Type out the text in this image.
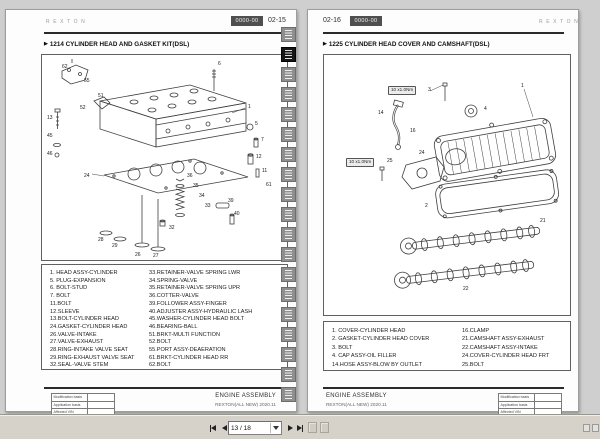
REXTON	0000-00	02-15
▶ 1214 CYLINDER HEAD AND GASKET KIT(DSL)
62
55
6
51
52	1
5
7
13
45
46
24
12
11
61
36
35
34
33
39
40
32
28
29
26 27
1. HEAD ASSY-CYLINDER
5. PLUG-EXPANSION
6. BOLT-STUD
7. BOLT
11.BOLT
12.SLEEVE
13.BOLT-CYLINDER HEAD
24.GASKET-CYLINDER HEAD
26.VALVE-INTAKE
27.VALVE-EXHAUST
28.RING-INTAKE VALVE SEAT
29.RING-EXHAUST VALVE SEAT
32.SEAL-VALVE STEM
33.RETAINER-VALVE SPRING LWR
34.SPRING-VALVE
35.RETAINER-VALVE SPRING UPR
36.COTTER-VALVE
39.FOLLOWER ASSY-FINGER
40.ADJUSTER ASSY-HYDRAULIC LASH
45.WASHER-CYLINDER HEAD BOLT
46.BEARING-BALL
51.BRKT-MULTI FUNCTION
52.BOLT
55.PORT ASSY-DEAERATION
61.BRKT-CYLINDER HEAD RR
62.BOLT
Modification basis
Application basis
Affected VIN
ENGINE ASSEMBLY
REXTON(ALL NEW) 2020.11
02-16	0000-00	REXTON
▶ 1225 CYLINDER HEAD COVER AND CAMSHAFT(DSL)
10 x1.0Nm	3
4
1
14
16
24
10 x1.0Nm	25
2
21
22
1. COVER-CYLINDER HEAD
2. GASKET-CYLINDER HEAD COVER
3. BOLT
4. CAP ASSY-OIL FILLER
14.HOSE ASSY-BLOW BY OUTLET
16.CLAMP
21.CAMSHAFT ASSY-EXHAUST
22.CAMSHAFT ASSY-INTAKE
24.COVER-CYLINDER HEAD FRT
25.BOLT
ENGINE ASSEMBLY
REXTON(ALL NEW) 2020.11
Modification basis
Application basis
Affected VIN
13 / 18
